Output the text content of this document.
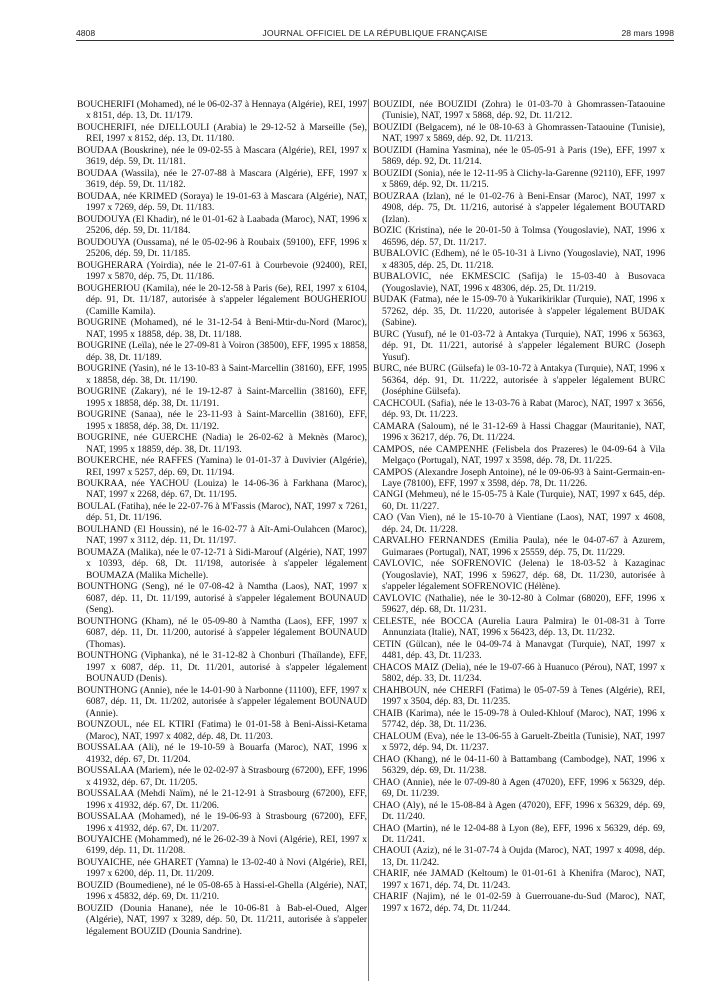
4808	JOURNAL OFFICIEL DE LA RÉPUBLIQUE FRANÇAISE	28 mars 1998

BOUCHERIFI (Mohamed), né le 06-02-37 à Hennaya (Algérie), REI, 1997 x 8151, dép. 13, Dt. 11/179.

BOUCHERIFI, née DJELLOULI (Arabia) le 29-12-52 à Marseille (5e), REI, 1997 x 8152, dép. 13, Dt. 11/180.

BOUDAA (Bouskrine), née le 09-02-55 à Mascara (Algérie), REI, 1997 x 3619, dép. 59, Dt. 11/181.

BOUDAA (Wassila), née le 27-07-88 à Mascara (Algérie), EFF, 1997 x 3619, dép. 59, Dt. 11/182.

BOUDAA, née KRIMED (Soraya) le 19-01-63 à Mascara (Algérie), NAT, 1997 x 7269, dép. 59, Dt. 11/183.

BOUDOUYA (El Khadir), né le 01-01-62 à Laabada (Maroc), NAT, 1996 x 25206, dép. 59, Dt. 11/184.

BOUDOUYA (Oussama), né le 05-02-96 à Roubaix (59100), EFF, 1996 x 25206, dép. 59, Dt. 11/185.

BOUGHERARA (Yoirdia), née le 21-07-61 à Courbevoie (92400), REI, 1997 x 5870, dép. 75, Dt. 11/186.

BOUGHERIOU (Kamila), née le 20-12-58 à Paris (6e), REI, 1997 x 6104, dép. 91, Dt. 11/187, autorisée à s'appeler légalement BOUGHERIOU (Camille Kamila).

BOUGRINE (Mohamed), né le 31-12-54 à Beni-Mtir-du-Nord (Maroc), NAT, 1995 x 18858, dép. 38, Dt. 11/188.

BOUGRINE (Leïla), née le 27-09-81 à Voiron (38500), EFF, 1995 x 18858, dép. 38, Dt. 11/189.

BOUGRINE (Yasin), né le 13-10-83 à Saint-Marcellin (38160), EFF, 1995 x 18858, dép. 38, Dt. 11/190.

BOUGRINE (Zakary), né le 19-12-87 à Saint-Marcellin (38160), EFF, 1995 x 18858, dép. 38, Dt. 11/191.

BOUGRINE (Sanaa), née le 23-11-93 à Saint-Marcellin (38160), EFF, 1995 x 18858, dép. 38, Dt. 11/192.

BOUGRINE, née GUERCHE (Nadia) le 26-02-62 à Meknès (Maroc), NAT, 1995 x 18859, dép. 38, Dt. 11/193.

BOUKERCHE, née RAFFES (Yamina) le 01-01-37 à Duvivier (Algérie), REI, 1997 x 5257, dép. 69, Dt. 11/194.

BOUKRAA, née YACHOU (Louiza) le 14-06-36 à Farkhana (Maroc), NAT, 1997 x 2268, dép. 67, Dt. 11/195.

BOULAL (Fatiha), née le 22-07-76 à M'Fassis (Maroc), NAT, 1997 x 7261, dép. 51, Dt. 11/196.

BOULHAND (El Houssin), né le 16-02-77 à Aït-Ami-Oulahcen (Maroc), NAT, 1997 x 3112, dép. 11, Dt. 11/197.

BOUMAZA (Malika), née le 07-12-71 à Sidi-Marouf (Algérie), NAT, 1997 x 10393, dép. 68, Dt. 11/198, autorisée à s'appeler légalement BOUMAZA (Malika Michelle).

BOUNTHONG (Seng), né le 07-08-42 à Namtha (Laos), NAT, 1997 x 6087, dép. 11, Dt. 11/199, autorisé à s'appeler légalement BOUNAUD (Seng).

BOUNTHONG (Kham), né le 05-09-80 à Namtha (Laos), EFF, 1997 x 6087, dép. 11, Dt. 11/200, autorisé à s'appeler légalement BOUNAUD (Thomas).

BOUNTHONG (Viphanka), né le 31-12-82 à Chonburi (Thaïlande), EFF, 1997 x 6087, dép. 11, Dt. 11/201, autorisé à s'appeler légalement BOUNAUD (Denis).

BOUNTHONG (Annie), née le 14-01-90 à Narbonne (11100), EFF, 1997 x 6087, dép. 11, Dt. 11/202, autorisée à s'appeler légalement BOUNAUD (Annie).

BOUNZOUL, née EL KTIRI (Fatima) le 01-01-58 à Beni-Aissi-Ketama (Maroc), NAT, 1997 x 4082, dép. 48, Dt. 11/203.

BOUSSALAA (Ali), né le 19-10-59 à Bouarfa (Maroc), NAT, 1996 x 41932, dép. 67, Dt. 11/204.

BOUSSALAA (Mariem), née le 02-02-97 à Strasbourg (67200), EFF, 1996 x 41932, dép. 67, Dt. 11/205.

BOUSSALAA (Mehdi Naïm), né le 21-12-91 à Strasbourg (67200), EFF, 1996 x 41932, dép. 67, Dt. 11/206.

BOUSSALAA (Mohamed), né le 19-06-93 à Strasbourg (67200), EFF, 1996 x 41932, dép. 67, Dt. 11/207.

BOUYAICHE (Mohammed), né le 26-02-39 à Novi (Algérie), REI, 1997 x 6199, dép. 11, Dt. 11/208.

BOUYAICHE, née GHARET (Yamna) le 13-02-40 à Novi (Algérie), REI, 1997 x 6200, dép. 11, Dt. 11/209.

BOUZID (Boumediene), né le 05-08-65 à Hassi-el-Ghella (Algérie), NAT, 1996 x 45832, dép. 69, Dt. 11/210.

BOUZID (Dounia Hanane), née le 10-06-81 à Bab-el-Oued, Alger (Algérie), NAT, 1997 x 3289, dép. 50, Dt. 11/211, autorisée à s'appeler légalement BOUZID (Dounia Sandrine).

BOUZIDI, née BOUZIDI (Zohra) le 01-03-70 à Ghomrassen-Tataouine (Tunisie), NAT, 1997 x 5868, dép. 92, Dt. 11/212.

BOUZIDI (Belgacem), né le 08-10-63 à Ghomrassen-Tataouine (Tunisie), NAT, 1997 x 5869, dép. 92, Dt. 11/213.

BOUZIDI (Hamina Yasmina), née le 05-05-91 à Paris (19e), EFF, 1997 x 5869, dép. 92, Dt. 11/214.

BOUZIDI (Sonia), née le 12-11-95 à Clichy-la-Garenne (92110), EFF, 1997 x 5869, dép. 92, Dt. 11/215.

BOUZRAA (Izlan), né le 01-02-76 à Beni-Ensar (Maroc), NAT, 1997 x 4908, dép. 75, Dt. 11/216, autorisé à s'appeler légalement BOUTARD (Izlan).

BOZIC (Kristina), née le 20-01-50 à Tolmsa (Yougoslavie), NAT, 1996 x 46596, dép. 57, Dt. 11/217.

BUBALOVIC (Edhem), né le 05-10-31 à Livno (Yougoslavie), NAT, 1996 x 48305, dép. 25, Dt. 11/218.

BUBALOVIC, née EKMESCIC (Safija) le 15-03-40 à Busovaca (Yougoslavie), NAT, 1996 x 48306, dép. 25, Dt. 11/219.

BUDAK (Fatma), née le 15-09-70 à Yukarikiriklar (Turquie), NAT, 1996 x 57262, dép. 35, Dt. 11/220, autorisée à s'appeler légalement BUDAK (Sabine).

BURC (Yusuf), né le 01-03-72 à Antakya (Turquie), NAT, 1996 x 56363, dép. 91, Dt. 11/221, autorisé à s'appeler légalement BURC (Joseph Yusuf).

BURC, née BURC (Gülsefa) le 03-10-72 à Antakya (Turquie), NAT, 1996 x 56364, dép. 91, Dt. 11/222, autorisée à s'appeler légalement BURC (Joséphine Gülsefa).

CACHCOUL (Safia), née le 13-03-76 à Rabat (Maroc), NAT, 1997 x 3656, dép. 93, Dt. 11/223.

CAMARA (Saloum), né le 31-12-69 à Hassi Chaggar (Mauritanie), NAT, 1996 x 36217, dép. 76, Dt. 11/224.

CAMPOS, née CAMPENHE (Felisbela dos Prazeres) le 04-09-64 à Vila Melgaço (Portugal), NAT, 1997 x 3598, dép. 78, Dt. 11/225.

CAMPOS (Alexandre Joseph Antoine), né le 09-06-93 à Saint-Germain-en-Laye (78100), EFF, 1997 x 3598, dép. 78, Dt. 11/226.

CANGI (Mehmeu), né le 15-05-75 à Kale (Turquie), NAT, 1997 x 645, dép. 60, Dt. 11/227.

CAO (Van Vien), né le 15-10-70 à Vientiane (Laos), NAT, 1997 x 4608, dép. 24, Dt. 11/228.

CARVALHO FERNANDES (Emilia Paula), née le 04-07-67 à Azurem, Guimaraes (Portugal), NAT, 1996 x 25559, dép. 75, Dt. 11/229.

CAVLOVIC, née SOFRENOVIC (Jelena) le 18-03-52 à Kazaginac (Yougoslavie), NAT, 1996 x 59627, dép. 68, Dt. 11/230, autorisée à s'appeler légalement SOFRENOVIC (Hélène).

CAVLOVIC (Nathalie), née le 30-12-80 à Colmar (68020), EFF, 1996 x 59627, dép. 68, Dt. 11/231.

CELESTE, née BOCCA (Aurelia Laura Palmira) le 01-08-31 à Torre Annunziata (Italie), NAT, 1996 x 56423, dép. 13, Dt. 11/232.

CETIN (Gülcan), née le 04-09-74 à Manavgat (Turquie), NAT, 1997 x 4481, dép. 43, Dt. 11/233.

CHACOS MAIZ (Delia), née le 19-07-66 à Huanuco (Pérou), NAT, 1997 x 5802, dép. 33, Dt. 11/234.

CHAHBOUN, née CHERFI (Fatima) le 05-07-59 à Tenes (Algérie), REI, 1997 x 3504, dép. 83, Dt. 11/235.

CHAIB (Karima), née le 15-09-78 à Ouled-Khlouf (Maroc), NAT, 1996 x 57742, dép. 38, Dt. 11/236.

CHALOUM (Eva), née le 13-06-55 à Garuelt-Zbeitla (Tunisie), NAT, 1997 x 5972, dép. 94, Dt. 11/237.

CHAO (Khang), né le 04-11-60 à Battambang (Cambodge), NAT, 1996 x 56329, dép. 69, Dt. 11/238.

CHAO (Annie), née le 07-09-80 à Agen (47020), EFF, 1996 x 56329, dép. 69, Dt. 11/239.

CHAO (Aly), né le 15-08-84 à Agen (47020), EFF, 1996 x 56329, dép. 69, Dt. 11/240.

CHAO (Martin), né le 12-04-88 à Lyon (8e), EFF, 1996 x 56329, dép. 69, Dt. 11/241.

CHAOUI (Aziz), né le 31-07-74 à Oujda (Maroc), NAT, 1997 x 4098, dép. 13, Dt. 11/242.

CHARIF, née JAMAD (Keltoum) le 01-01-61 à Khenifra (Maroc), NAT, 1997 x 1671, dép. 74, Dt. 11/243.

CHARIF (Najim), né le 01-02-59 à Guerrouane-du-Sud (Maroc), NAT, 1997 x 1672, dép. 74, Dt. 11/244.
